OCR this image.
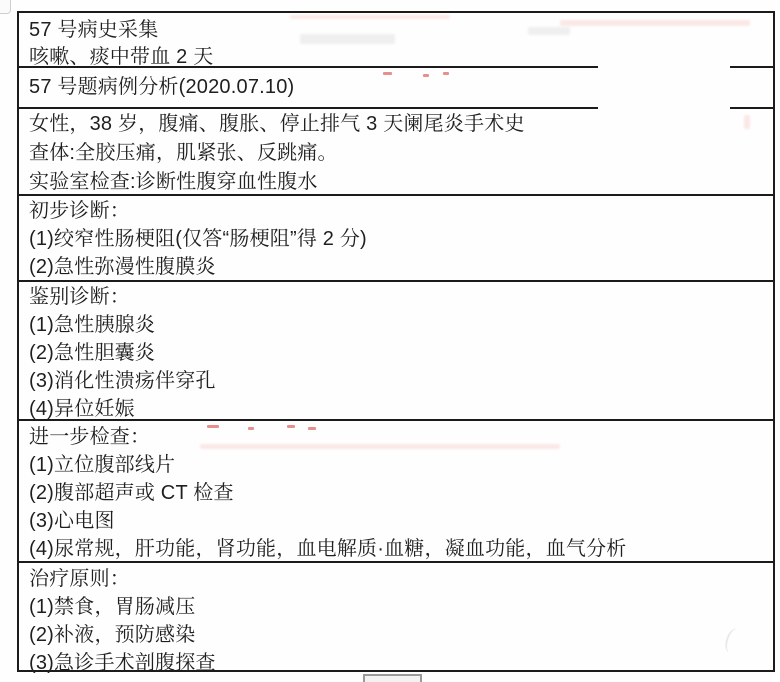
57 号病史采集
咳嗽、痰中带血 2 天
57 号题病例分析(2020.07.10)
女性，38 岁，腹痛、腹胀、停止排气 3 天阑尾炎手术史
查体:全胶压痛，肌紧张、反跳痛。
实验室检查:诊断性腹穿血性腹水
初步诊断：
(1)绞窄性肠梗阻(仅答“肠梗阻”得 2 分)
(2)急性弥漫性腹膜炎
鉴别诊断：
(1)急性胰腺炎
(2)急性胆囊炎
(3)消化性溃疡伴穿孔
(4)异位妊娠
进一步检查：
(1)立位腹部线片
(2)腹部超声或 CT 检查
(3)心电图
(4)尿常规，肝功能，肾功能，血电解质·血糖，凝血功能，血气分析
治疗原则：
(1)禁食，胃肠减压
(2)补液，预防感染
(3)急诊手术剖腹探查
